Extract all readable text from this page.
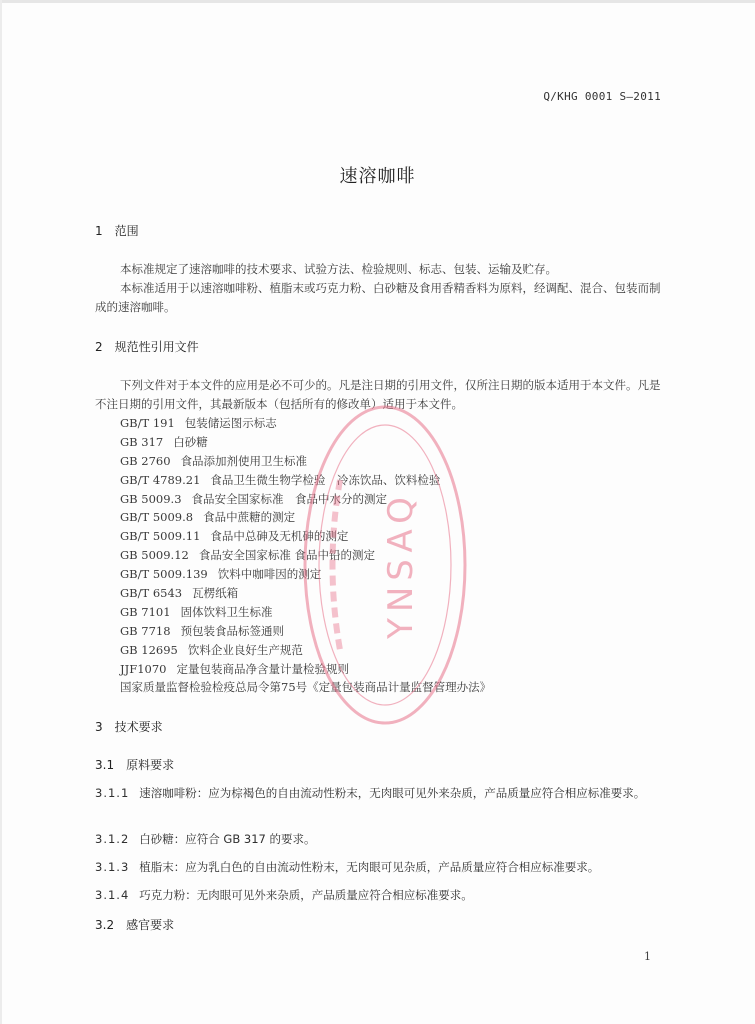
Q/KHG 0001 S—2011
速溶咖啡
1 范围

本标准规定了速溶咖啡的技术要求、试验方法、检验规则、标志、包装、运输及贮存。

本标准适用于以速溶咖啡粉、植脂末或巧克力粉、白砂糖及食用香精香料为原料，经调配、混合、包装而制成的速溶咖啡。

2 规范性引用文件

下列文件对于本文件的应用是必不可少的。凡是注日期的引用文件，仅所注日期的版本适用于本文件。凡是不注日期的引用文件，其最新版本（包括所有的修改单）适用于本文件。

GB/T 191 包装储运图示标志
GB 317 白砂糖
GB 2760 食品添加剂使用卫生标准
GB/T 4789.21 食品卫生微生物学检验　冷冻饮品、饮料检验
GB 5009.3 食品安全国家标准　食品中水分的测定
GB/T 5009.8 食品中蔗糖的测定
GB/T 5009.11 食品中总砷及无机砷的测定
GB 5009.12 食品安全国家标准 食品中铅的测定
GB/T 5009.139 饮料中咖啡因的测定
GB/T 6543 瓦楞纸箱
GB 7101 固体饮料卫生标准
GB 7718 预包装食品标签通则
GB 12695 饮料企业良好生产规范
JJF1070 定量包装商品净含量计量检验规则
国家质量监督检验检疫总局令第75号《定量包装商品计量监督管理办法》
3 技术要求
3.1 原料要求

3.1.1 速溶咖啡粉：应为棕褐色的自由流动性粉末，无肉眼可见外来杂质，产品质量应符合相应标准要求。

3.1.2 白砂糖：应符合 GB 317 的要求。

3.1.3 植脂末：应为乳白色的自由流动性粉末，无肉眼可见杂质，产品质量应符合相应标准要求。

3.1.4 巧克力粉：无肉眼可见外来杂质，产品质量应符合相应标准要求。

3.2 感官要求
1
YNSAQ
